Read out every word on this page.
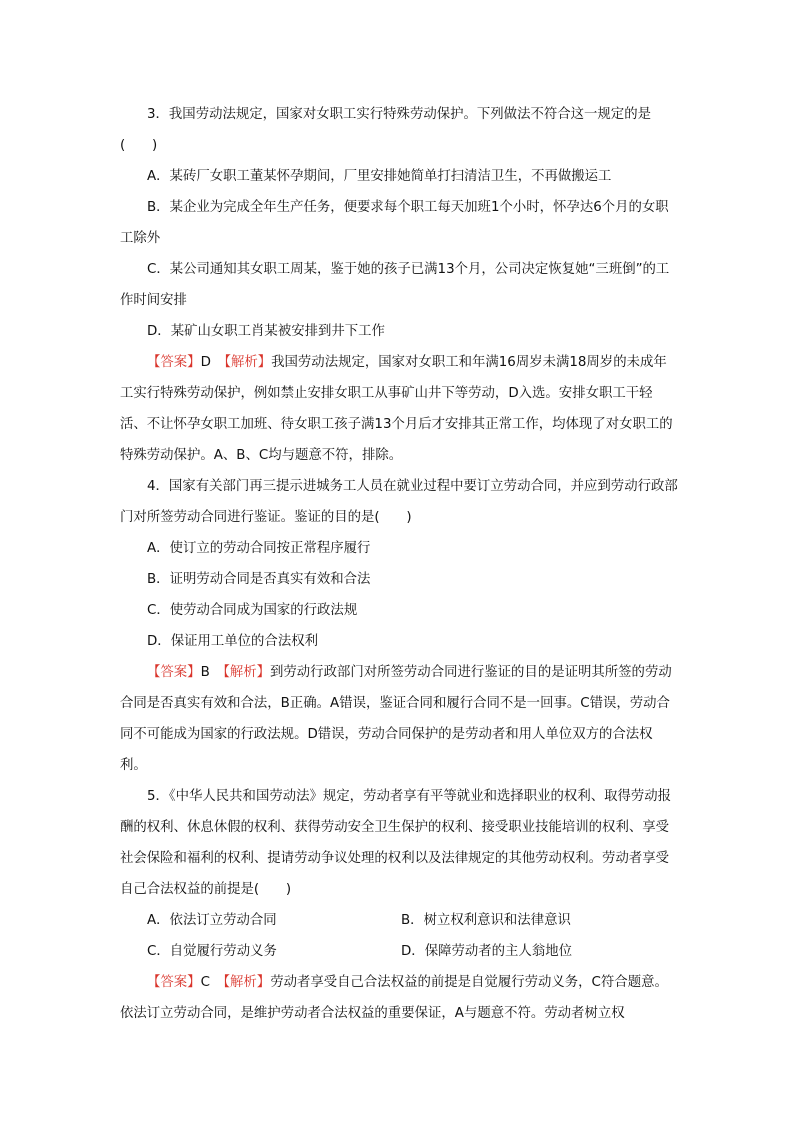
3．我国劳动法规定，国家对女职工实行特殊劳动保护。下列做法不符合这一规定的是(　　)

A．某砖厂女职工董某怀孕期间，厂里安排她简单打扫清洁卫生，不再做搬运工

B．某企业为完成全年生产任务，便要求每个职工每天加班1个小时，怀孕达6个月的女职工除外

C．某公司通知其女职工周某，鉴于她的孩子已满13个月，公司决定恢复她“三班倒”的工作时间安排

D．某矿山女职工肖某被安排到井下工作

【答案】D　 【解析】我国劳动法规定，国家对女职工和年满16周岁未满18周岁的未成年工实行特殊劳动保护，例如禁止安排女职工从事矿山井下等劳动，D入选。安排女职工干轻活、不让怀孕女职工加班、待女职工孩子满13个月后才安排其正常工作，均体现了对女职工的特殊劳动保护。A、B、C均与题意不符，排除。

4．国家有关部门再三提示进城务工人员在就业过程中要订立劳动合同，并应到劳动行政部门对所签劳动合同进行鉴证。鉴证的目的是(　　)

A．使订立的劳动合同按正常程序履行

B．证明劳动合同是否真实有效和合法

C．使劳动合同成为国家的行政法规

D．保证用工单位的合法权利

【答案】B　 【解析】到劳动行政部门对所签劳动合同进行鉴证的目的是证明其所签的劳动合同是否真实有效和合法，B正确。A错误，鉴证合同和履行合同不是一回事。C错误，劳动合同不可能成为国家的行政法规。D错误，劳动合同保护的是劳动者和用人单位双方的合法权利。

5．《中华人民共和国劳动法》规定，劳动者享有平等就业和选择职业的权利、取得劳动报酬的权利、休息休假的权利、获得劳动安全卫生保护的权利、接受职业技能培训的权利、享受社会保险和福利的权利、提请劳动争议处理的权利以及法律规定的其他劳动权利。劳动者享受自己合法权益的前提是(　　)

A．依法订立劳动合同	B．树立权利意识和法律意识
C．自觉履行劳动义务	D．保障劳动者的主人翁地位

【答案】C　 【解析】劳动者享受自己合法权益的前提是自觉履行劳动义务，C符合题意。依法订立劳动合同，是维护劳动者合法权益的重要保证，A与题意不符。劳动者树立权
